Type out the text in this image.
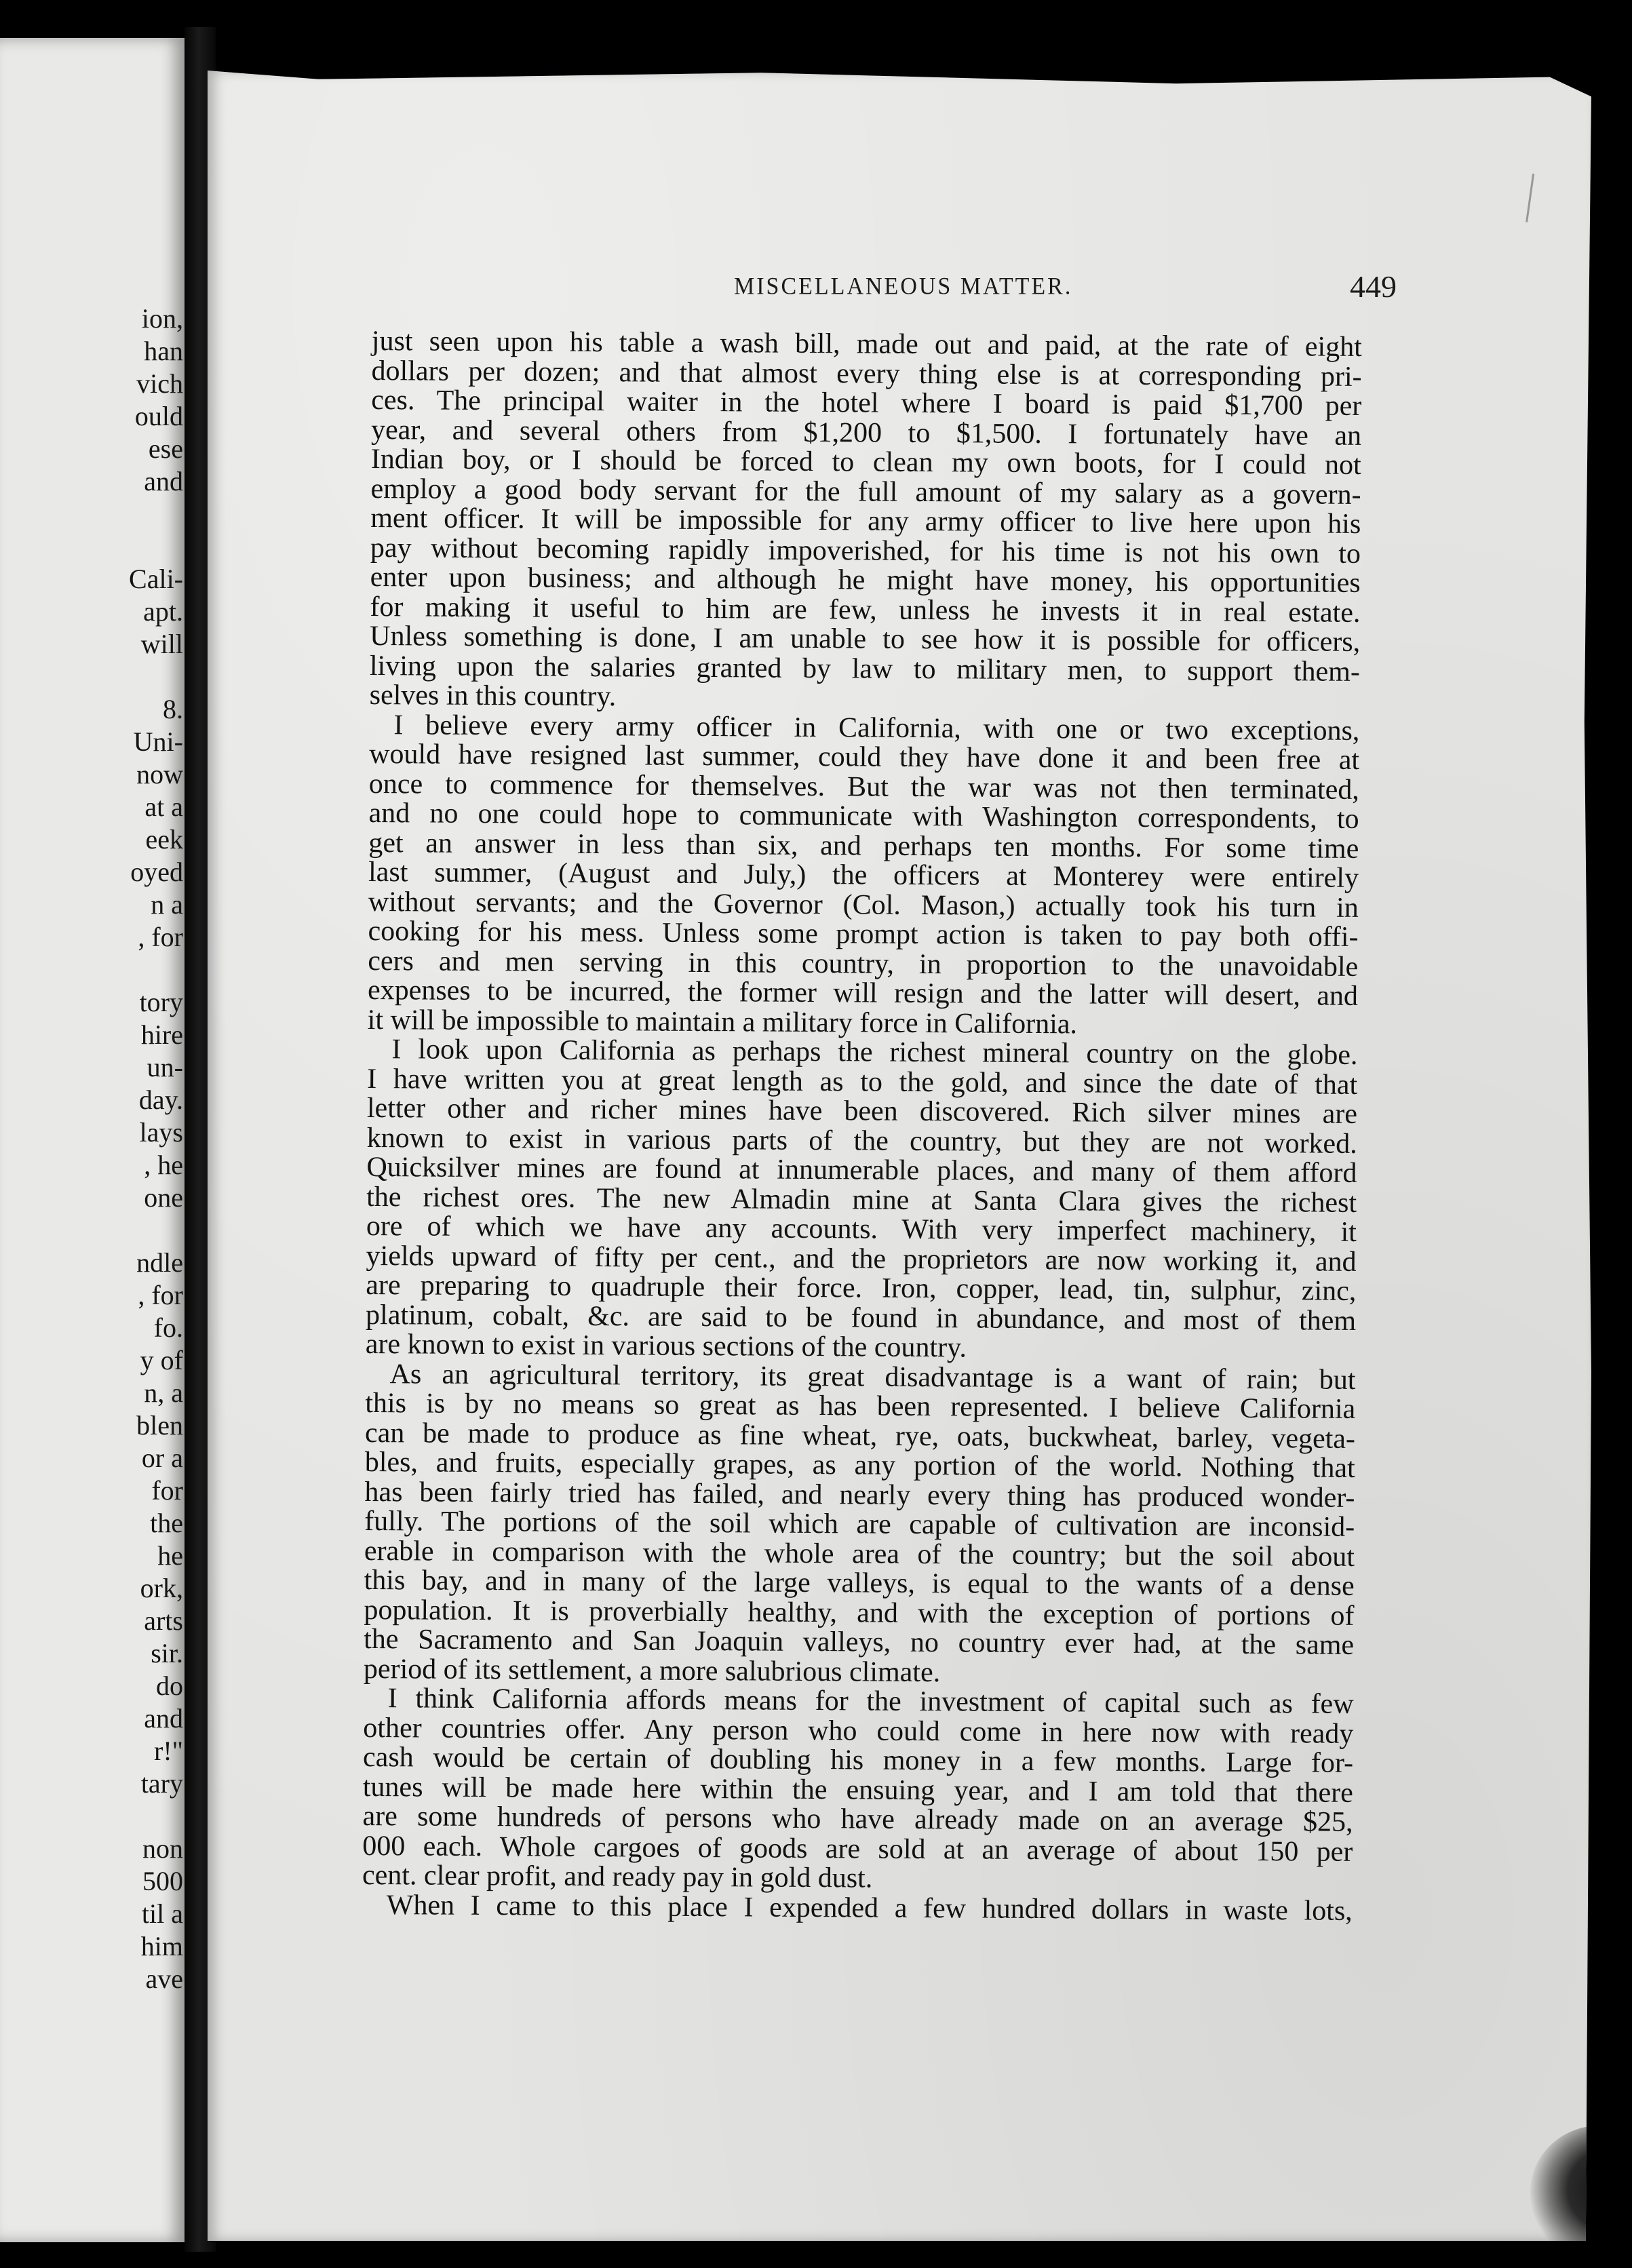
ion,
han
vich
ould
ese
and
Cali-
apt.
will
8.
Uni-
now
at a
eek
oyed
n a
, for
tory
hire
un-
day.
lays
, he
one
ndle
, for
fo.
y of
n, a
blen
or a
for
the
he
ork,
arts
sir.
do
and
r!"
tary
non
500
til a
him
ave
MISCELLANEOUS MATTER.	449
just seen upon his table a wash bill, made out and paid, at the rate of eight
dollars per dozen; and that almost every thing else is at corresponding pri-
ces. The principal waiter in the hotel where I board is paid $1,700 per
year, and several others from $1,200 to $1,500. I fortunately have an
Indian boy, or I should be forced to clean my own boots, for I could not
employ a good body servant for the full amount of my salary as a govern-
ment officer. It will be impossible for any army officer to live here upon his
pay without becoming rapidly impoverished, for his time is not his own to
enter upon business; and although he might have money, his opportunities
for making it useful to him are few, unless he invests it in real estate.
Unless something is done, I am unable to see how it is possible for officers,
living upon the salaries granted by law to military men, to support them-
selves in this country.
I believe every army officer in California, with one or two exceptions,
would have resigned last summer, could they have done it and been free at
once to commence for themselves. But the war was not then terminated,
and no one could hope to communicate with Washington correspondents, to
get an answer in less than six, and perhaps ten months. For some time
last summer, (August and July,) the officers at Monterey were entirely
without servants; and the Governor (Col. Mason,) actually took his turn in
cooking for his mess. Unless some prompt action is taken to pay both offi-
cers and men serving in this country, in proportion to the unavoidable
expenses to be incurred, the former will resign and the latter will desert, and
it will be impossible to maintain a military force in California.
I look upon California as perhaps the richest mineral country on the globe.
I have written you at great length as to the gold, and since the date of that
letter other and richer mines have been discovered. Rich silver mines are
known to exist in various parts of the country, but they are not worked.
Quicksilver mines are found at innumerable places, and many of them afford
the richest ores. The new Almadin mine at Santa Clara gives the richest
ore of which we have any accounts. With very imperfect machinery, it
yields upward of fifty per cent., and the proprietors are now working it, and
are preparing to quadruple their force. Iron, copper, lead, tin, sulphur, zinc,
platinum, cobalt, &c. are said to be found in abundance, and most of them
are known to exist in various sections of the country.
As an agricultural territory, its great disadvantage is a want of rain; but
this is by no means so great as has been represented. I believe California
can be made to produce as fine wheat, rye, oats, buckwheat, barley, vegeta-
bles, and fruits, especially grapes, as any portion of the world. Nothing that
has been fairly tried has failed, and nearly every thing has produced wonder-
fully. The portions of the soil which are capable of cultivation are inconsid-
erable in comparison with the whole area of the country; but the soil about
this bay, and in many of the large valleys, is equal to the wants of a dense
population. It is proverbially healthy, and with the exception of portions of
the Sacramento and San Joaquin valleys, no country ever had, at the same
period of its settlement, a more salubrious climate.
I think California affords means for the investment of capital such as few
other countries offer. Any person who could come in here now with ready
cash would be certain of doubling his money in a few months. Large for-
tunes will be made here within the ensuing year, and I am told that there
are some hundreds of persons who have already made on an average $25,
000 each. Whole cargoes of goods are sold at an average of about 150 per
cent. clear profit, and ready pay in gold dust.
When I came to this place I expended a few hundred dollars in waste lots,
